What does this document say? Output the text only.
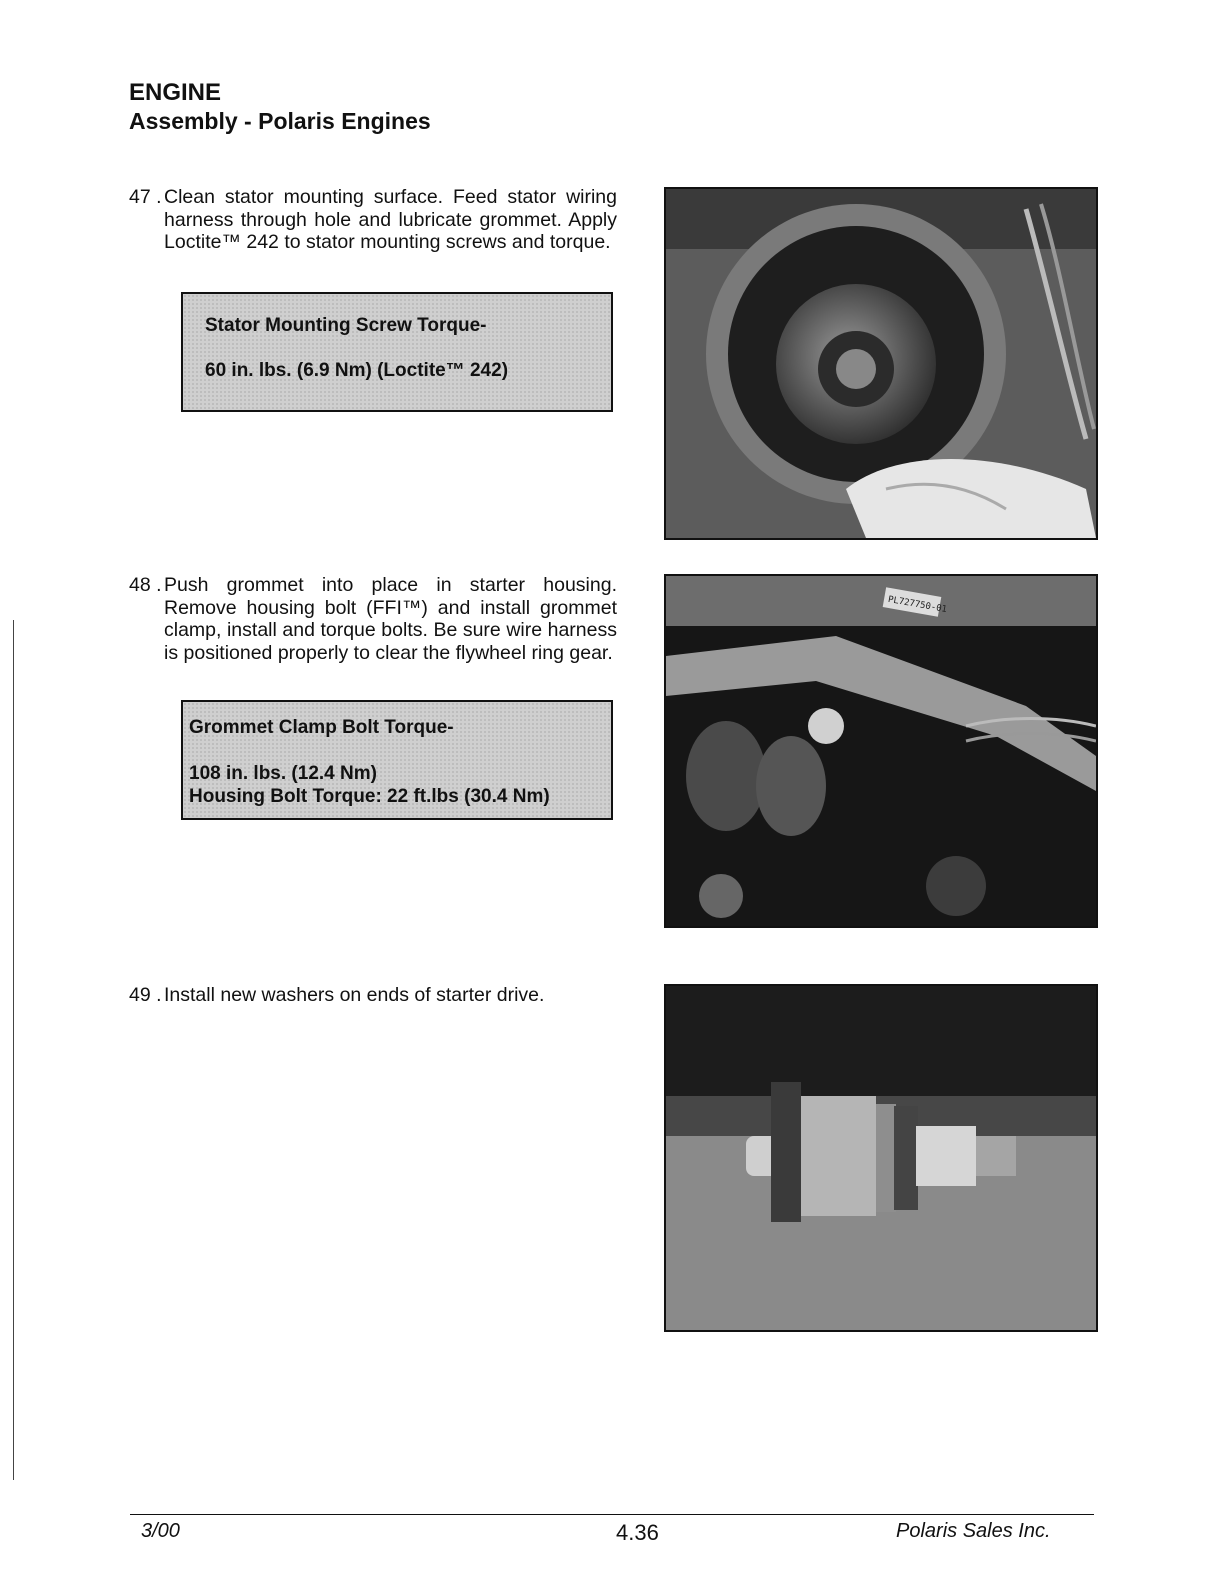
ENGINE
Assembly - Polaris Engines
47 . Clean stator mounting surface. Feed stator wiring harness through hole and lubricate grommet. Apply Loctite™ 242 to stator mounting screws and torque.
Stator Mounting Screw Torque-
60 in. lbs. (6.9 Nm) (Loctite™ 242)
48 . Push grommet into place in starter housing. Remove housing bolt (FFI™) and install grommet clamp, install and torque bolts. Be sure wire harness is positioned properly to clear the flywheel ring gear.
Grommet Clamp Bolt Torque-
108 in. lbs. (12.4 Nm)
Housing Bolt Torque: 22 ft.lbs (30.4 Nm)
PL727750-01
49 . Install new washers on ends of starter drive.
3/00	4.36	Polaris Sales Inc.
